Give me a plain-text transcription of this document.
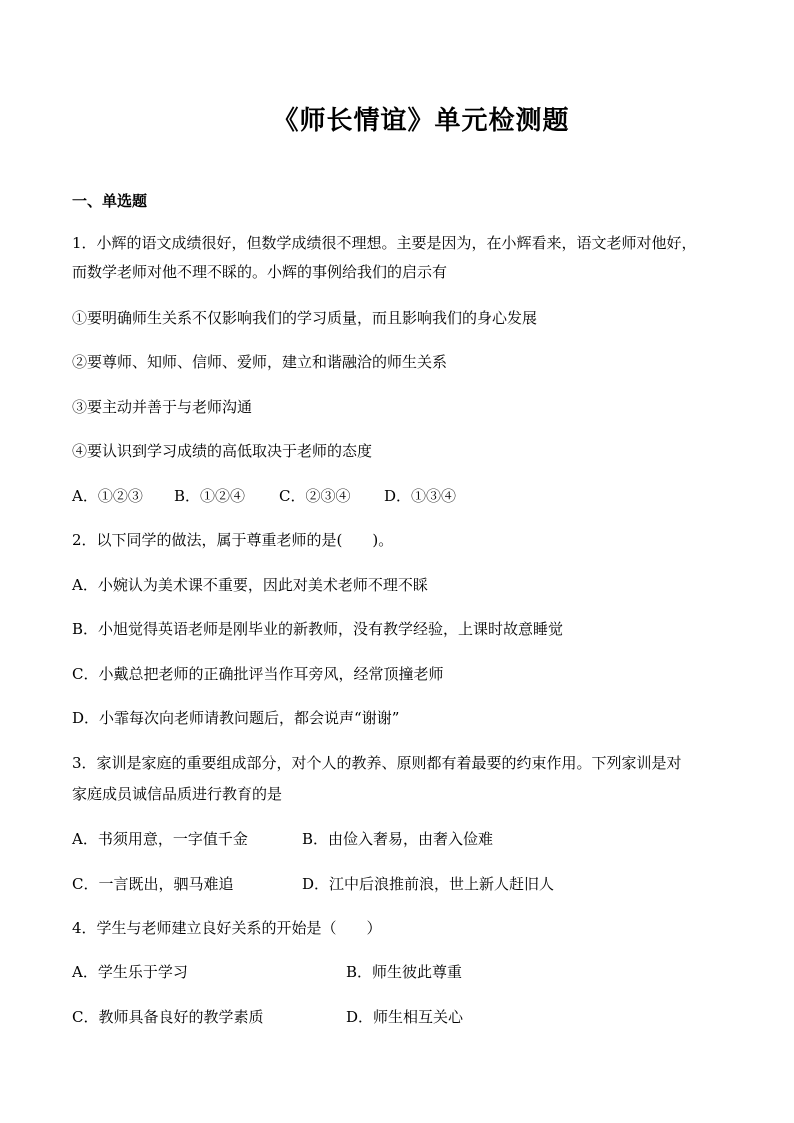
《师长情谊》单元检测题
一、单选题
1．小辉的语文成绩很好，但数学成绩很不理想。主要是因为，在小辉看来，语文老师对他好，
而数学老师对他不理不睬的。小辉的事例给我们的启示有
①要明确师生关系不仅影响我们的学习质量，而且影响我们的身心发展
②要尊师、知师、信师、爱师，建立和谐融洽的师生关系
③要主动并善于与老师沟通
④要认识到学习成绩的高低取决于老师的态度
A．①②③ B．①②④ C．②③④ D．①③④
2．以下同学的做法，属于尊重老师的是(　　)。
A．小婉认为美术课不重要，因此对美术老师不理不睬
B．小旭觉得英语老师是刚毕业的新教师，没有教学经验，上课时故意睡觉
C．小戴总把老师的正确批评当作耳旁风，经常顶撞老师
D．小霏每次向老师请教问题后，都会说声“谢谢”
3．家训是家庭的重要组成部分，对个人的教养、原则都有着最要的约束作用。下列家训是对
家庭成员诚信品质进行教育的是
A．书须用意，一字值千金	B．由俭入奢易，由奢入俭难
C．一言既出，驷马难追	D．江中后浪推前浪，世上新人赶旧人
4．学生与老师建立良好关系的开始是（　　）
A．学生乐于学习	B．师生彼此尊重
C．教师具备良好的教学素质	D．师生相互关心
